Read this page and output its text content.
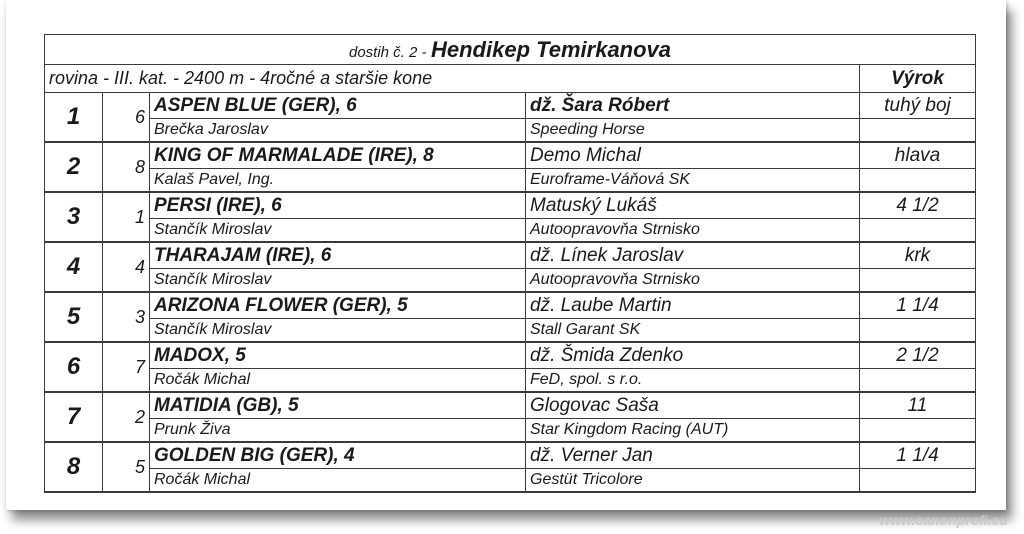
dostih č. 2 - Hendikep Temirkanova				
rovina - III. kat. - 2400 m - 4ročné a staršie kone				Výrok
1	6	ASPEN BLUE (GER), 6	dž. Šara Róbert	tuhý boj
		Brečka Jaroslav	Speeding Horse	
2	8	KING OF MARMALADE (IRE), 8	Demo Michal	hlava
		Kalaš Pavel, Ing.	Euroframe-Váňová SK	
3	1	PERSI (IRE), 6	Matuský Lukáš	4 1/2
		Stančík Miroslav	Autoopravovňa Strnisko	
4	4	THARAJAM (IRE), 6	dž. Línek Jaroslav	krk
		Stančík Miroslav	Autoopravovňa Strnisko	
5	3	ARIZONA FLOWER (GER), 5	dž. Laube Martin	1 1/4
		Stančík Miroslav	Stall Garant SK	
6	7	MADOX, 5	dž. Šmida Zdenko	2 1/2
		Ročák Michal	FeD, spol. s r.o.	
7	2	MATIDIA (GB), 5	Glogovac Saša	11
		Prunk Živa	Star Kingdom Racing (AUT)	
8	5	GOLDEN BIG (GER), 4	dž. Verner Jan	1 1/4
		Ročák Michal	Gestüt Tricolore	
www.canonprofi.eu
